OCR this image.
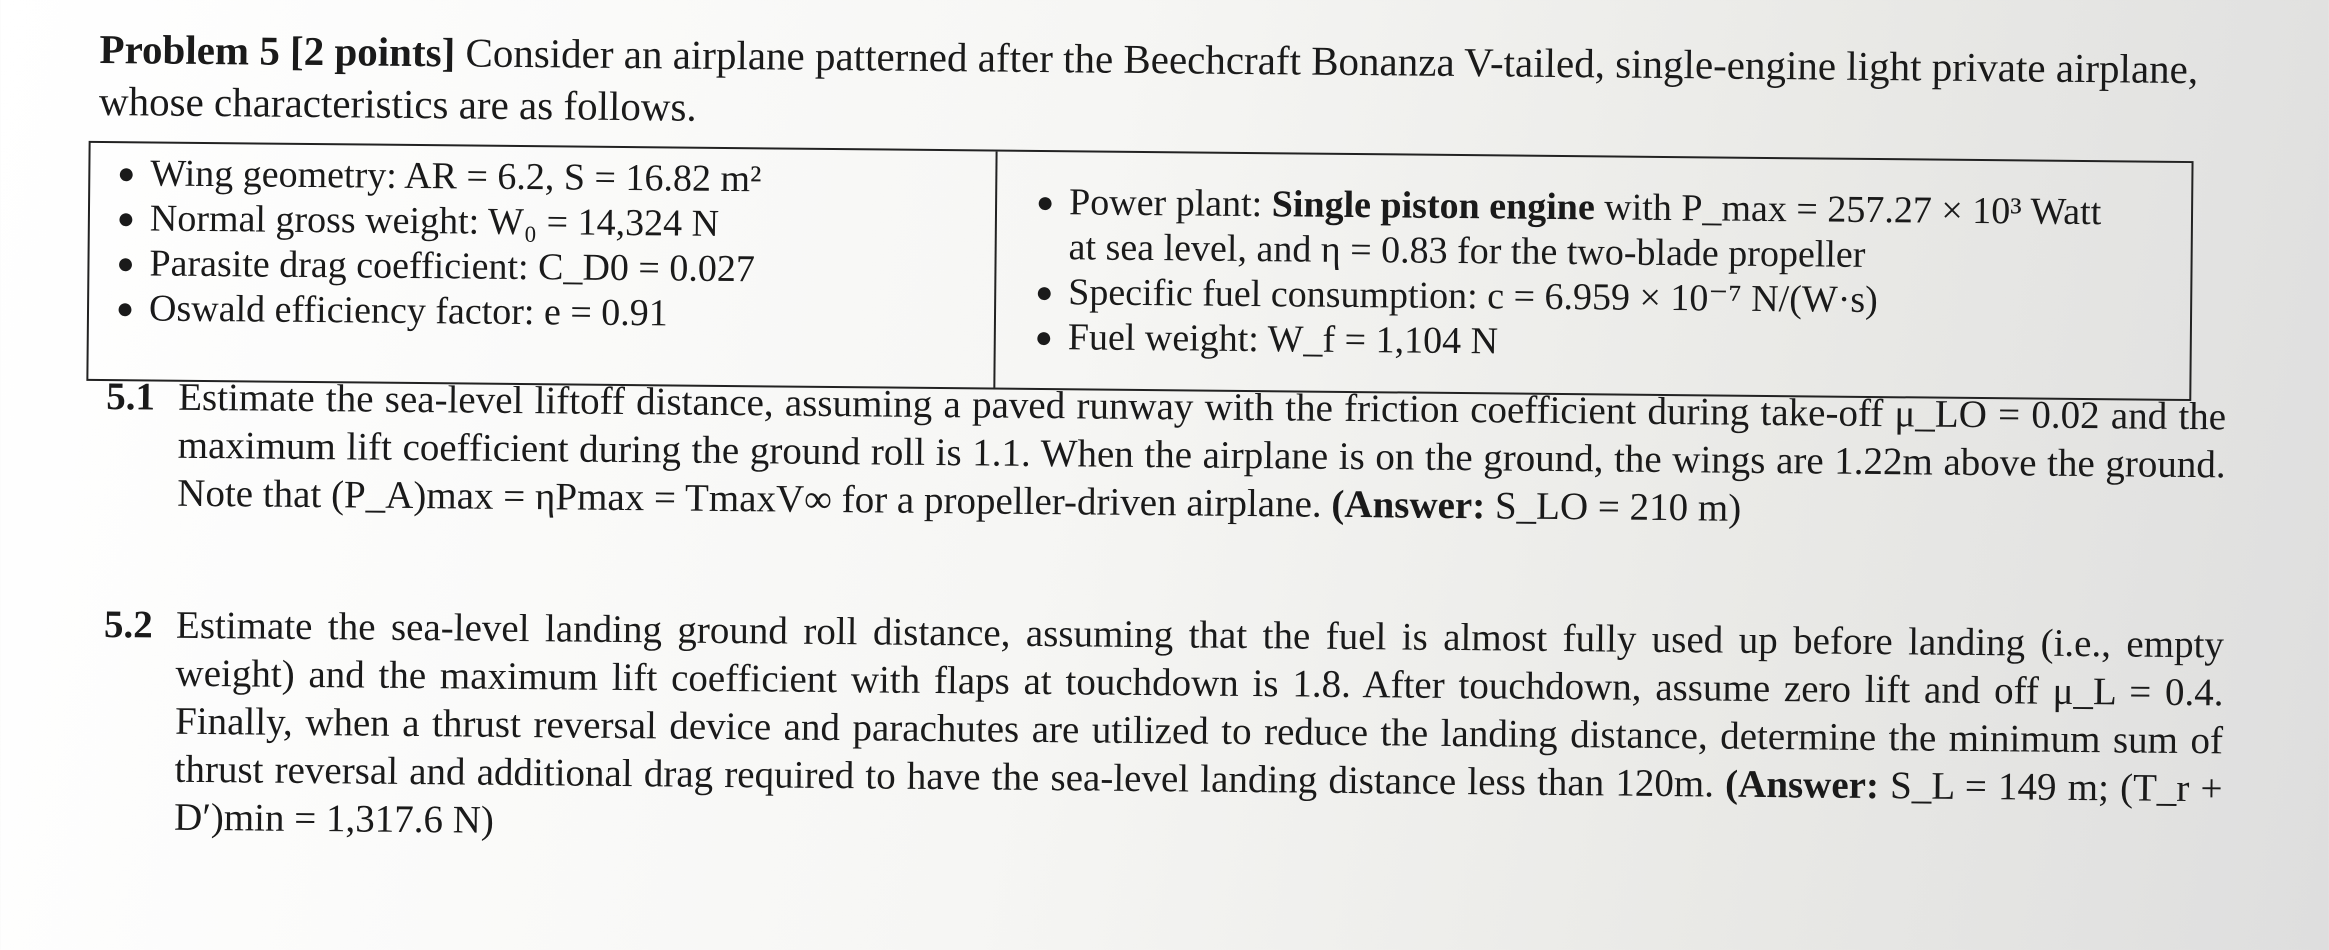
Problem 5 [2 points] Consider an airplane patterned after the Beechcraft Bonanza V-tailed, single-engine light private airplane, whose characteristics are as follows.
● Wing geometry: AR = 6.2, S = 16.82 m²
● Normal gross weight: W₀ = 14,324 N
● Parasite drag coefficient: C_D0 = 0.027
● Oswald efficiency factor: e = 0.91
● Power plant: Single piston engine with P_max = 257.27 × 10³ Watt
at sea level, and η = 0.83 for the two-blade propeller
● Specific fuel consumption: c = 6.959 × 10⁻⁷ N/(W·s)
● Fuel weight: W_f = 1,104 N
5.1 Estimate the sea-level liftoff distance, assuming a paved runway with the friction coefficient during take-off μ_LO = 0.02 and the maximum lift coefficient during the ground roll is 1.1. When the airplane is on the ground, the wings are 1.22m above the ground. Note that (P_A)max = ηPmax = TmaxV∞ for a propeller-driven airplane. (Answer: S_LO = 210 m)
5.2 Estimate the sea-level landing ground roll distance, assuming that the fuel is almost fully used up before landing (i.e., empty weight) and the maximum lift coefficient with flaps at touchdown is 1.8. After touchdown, assume zero lift and off μ_L = 0.4. Finally, when a thrust reversal device and parachutes are utilized to reduce the landing distance, determine the minimum sum of thrust reversal and additional drag required to have the sea-level landing distance less than 120m. (Answer: S_L = 149 m; (T_r + D′)min = 1,317.6 N)
